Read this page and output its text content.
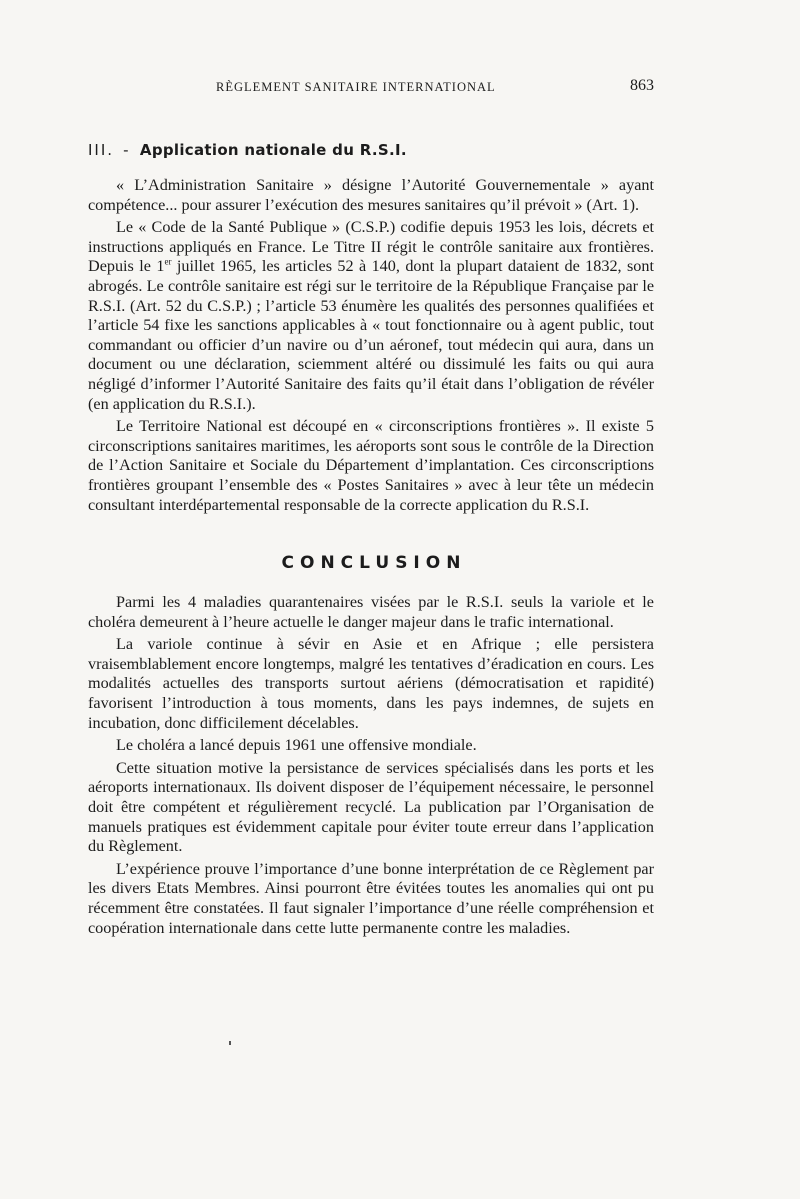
RÈGLEMENT SANITAIRE INTERNATIONAL	863
III. - Application nationale du R.S.I.

« L’Administration Sanitaire » désigne l’Autorité Gouvernementale » ayant compétence... pour assurer l’exécution des mesures sanitaires qu’il prévoit » (Art. 1).

Le « Code de la Santé Publique » (C.S.P.) codifie depuis 1953 les lois, décrets et instructions appliqués en France. Le Titre II régit le contrôle sanitaire aux frontières. Depuis le 1er juillet 1965, les articles 52 à 140, dont la plupart dataient de 1832, sont abrogés. Le contrôle sanitaire est régi sur le territoire de la République Française par le R.S.I. (Art. 52 du C.S.P.) ; l’article 53 énumère les qualités des personnes qualifiées et l’article 54 fixe les sanctions applicables à « tout fonctionnaire ou à agent public, tout commandant ou officier d’un navire ou d’un aéronef, tout médecin qui aura, dans un document ou une déclaration, sciemment altéré ou dissimulé les faits ou qui aura négligé d’informer l’Autorité Sanitaire des faits qu’il était dans l’obligation de révéler (en application du R.S.I.).

Le Territoire National est découpé en « circonscriptions frontières ». Il existe 5 circonscriptions sanitaires maritimes, les aéroports sont sous le contrôle de la Direction de l’Action Sanitaire et Sociale du Département d’implantation. Ces circonscriptions frontières groupant l’ensemble des « Postes Sanitaires » avec à leur tête un médecin consultant interdépartemental responsable de la correcte application du R.S.I.

CONCLUSION

Parmi les 4 maladies quarantenaires visées par le R.S.I. seuls la variole et le choléra demeurent à l’heure actuelle le danger majeur dans le trafic international.

La variole continue à sévir en Asie et en Afrique ; elle persistera vraisemblablement encore longtemps, malgré les tentatives d’éradication en cours. Les modalités actuelles des transports surtout aériens (démocratisation et rapidité) favorisent l’introduction à tous moments, dans les pays indemnes, de sujets en incubation, donc difficilement décelables.

Le choléra a lancé depuis 1961 une offensive mondiale.

Cette situation motive la persistance de services spécialisés dans les ports et les aéroports internationaux. Ils doivent disposer de l’équipement nécessaire, le personnel doit être compétent et régulièrement recyclé. La publication par l’Organisation de manuels pratiques est évidemment capitale pour éviter toute erreur dans l’application du Règlement.

L’expérience prouve l’importance d’une bonne interprétation de ce Règlement par les divers Etats Membres. Ainsi pourront être évitées toutes les anomalies qui ont pu récemment être constatées. Il faut signaler l’importance d’une réelle compréhension et coopération internationale dans cette lutte permanente contre les maladies.
